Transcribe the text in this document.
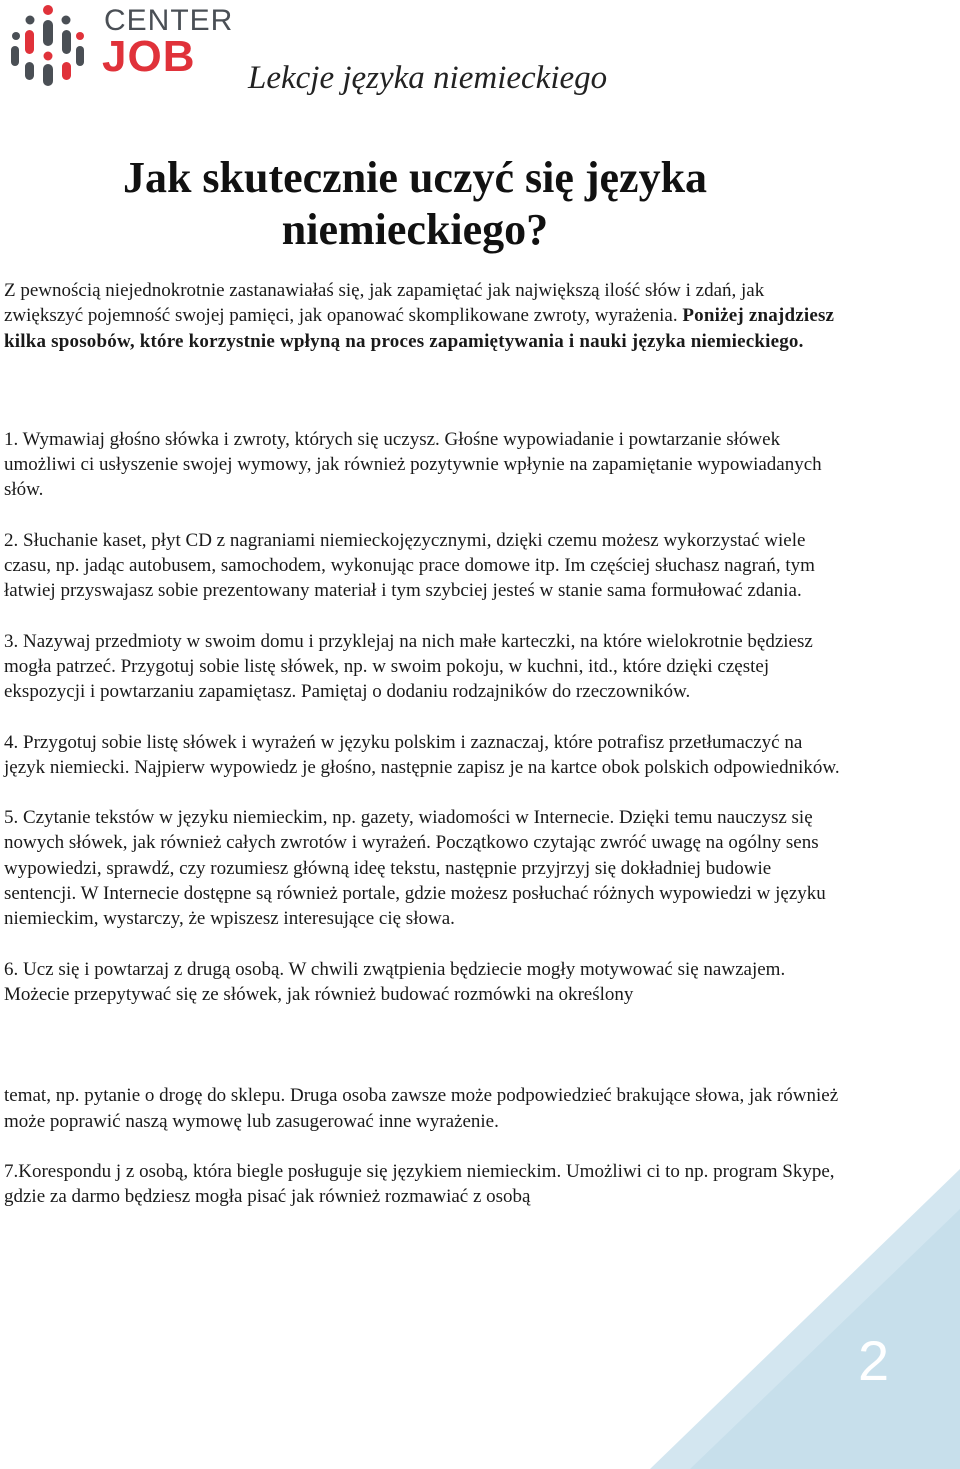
CENTER
JOB Lekcje języka niemieckiego
Jak skutecznie uczyć się języka niemieckiego?

Z pewnością niejednokrotnie zastanawiałaś się, jak zapamiętać jak największą ilość słów i zdań, jak zwiększyć pojemność swojej pamięci, jak opanować skomplikowane zwroty, wyrażenia. Poniżej znajdziesz kilka sposobów, które korzystnie wpłyną na proces zapamiętywania i nauki języka niemieckiego.

1. Wymawiaj głośno słówka i zwroty, których się uczysz. Głośne wypowiadanie i powtarzanie słówek umożliwi ci usłyszenie swojej wymowy, jak również pozytywnie wpłynie na zapamiętanie wypowiadanych słów.

2. Słuchanie kaset, płyt CD z nagraniami niemieckojęzycznymi, dzięki czemu możesz wykorzystać wiele czasu, np. jadąc autobusem, samochodem, wykonując prace domowe itp. Im częściej słuchasz nagrań, tym łatwiej przyswajasz sobie prezentowany materiał i tym szybciej jesteś w stanie sama formułować zdania.

3. Nazywaj przedmioty w swoim domu i przyklejaj na nich małe karteczki, na które wielokrotnie będziesz mogła patrzeć. Przygotuj sobie listę słówek, np. w swoim pokoju, w kuchni, itd., które dzięki częstej ekspozycji i powtarzaniu zapamiętasz. Pamiętaj o dodaniu rodzajników do rzeczowników.

4. Przygotuj sobie listę słówek i wyrażeń w języku polskim i zaznaczaj, które potrafisz przetłumaczyć na język niemiecki. Najpierw wypowiedz je głośno, następnie zapisz je na kartce obok polskich odpowiedników.

5. Czytanie tekstów w języku niemieckim, np. gazety, wiadomości w Internecie. Dzięki temu nauczysz się nowych słówek, jak również całych zwrotów i wyrażeń. Początkowo czytając zwróć uwagę na ogólny sens wypowiedzi, sprawdź, czy rozumiesz główną ideę tekstu, następnie przyjrzyj się dokładniej budowie sentencji. W Internecie dostępne są również portale, gdzie możesz posłuchać różnych wypowiedzi w języku niemieckim, wystarczy, że wpiszesz interesujące cię słowa.

6. Ucz się i powtarzaj z drugą osobą. W chwili zwątpienia będziecie mogły motywować się nawzajem. Możecie przepytywać się ze słówek, jak również budować rozmówki na określony

temat, np. pytanie o drogę do sklepu. Druga osoba zawsze może podpowiedzieć brakujące słowa, jak również może poprawić naszą wymowę lub zasugerować inne wyrażenie.

7.Korespondu j z osobą, która biegle posługuje się językiem niemieckim. Umożliwi ci to np. program Skype, gdzie za darmo będziesz mogła pisać jak również rozmawiać z osobą

2
